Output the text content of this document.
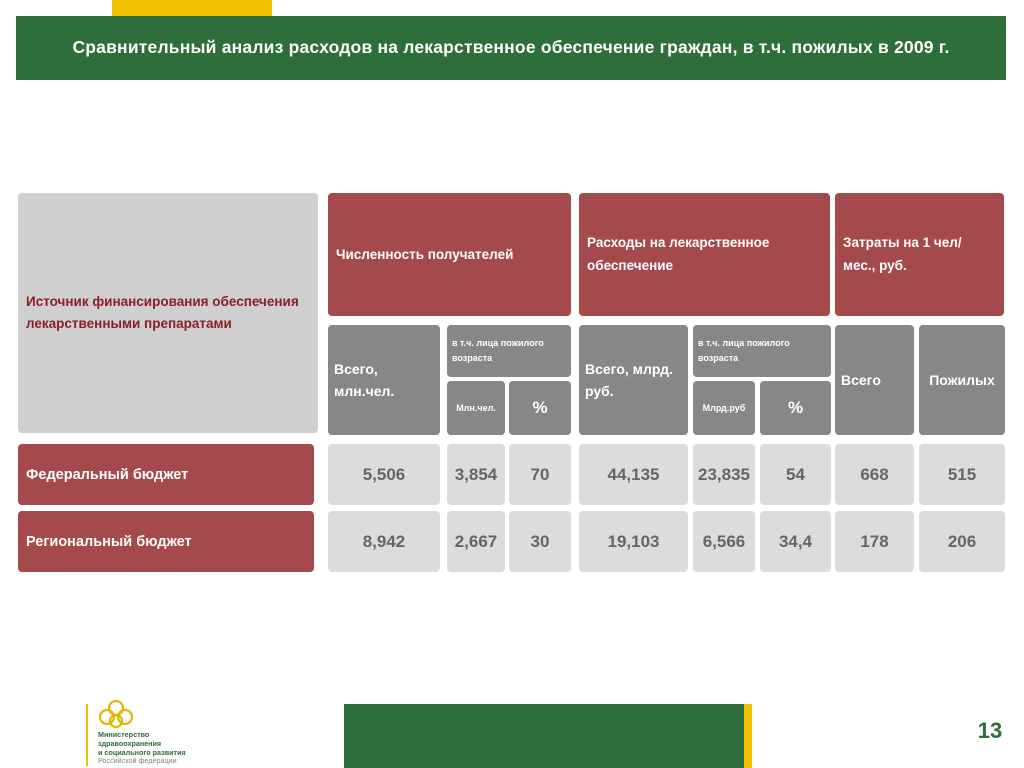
Сравнительный анализ расходов на лекарственное обеспечение граждан, в т.ч. пожилых в 2009 г.
Источник финансирования обеспечения лекарственными препаратами
Численность получателей
Расходы на лекарственное обеспечение
Затраты на 1 чел/ мес., руб.
Всего, млн.чел.
в т.ч. лица пожилого возраста
Млн.чел. %
Всего, млрд. руб.
в т.ч. лица пожилого возраста
Млрд.руб	%
Всего	Пожилых
Федеральный бюджет	5,506	3,854	70	44,135	23,835	54	668	515
Региональный бюджет	8,942	2,667	30	19,103	6,566	34,4	178	206
Министерство
здравоохранения
и социального развития
Российской федерации
13
